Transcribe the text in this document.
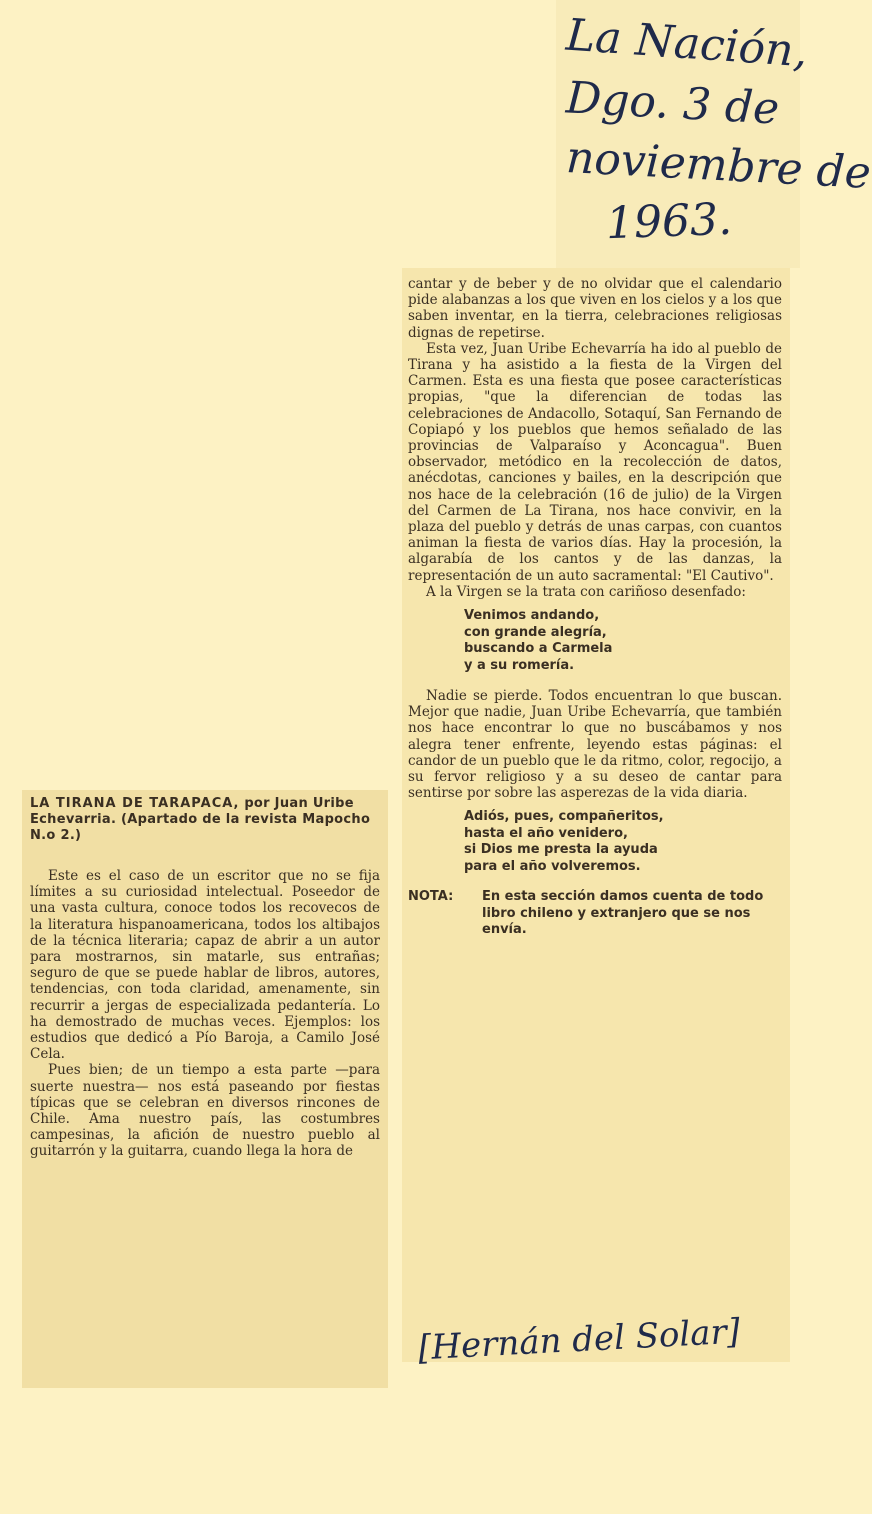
La Nación,
Dgo. 3 de
noviembre de
1963.
LA TIRANA DE TARAPACA, por Juan Uribe Echevarria. (Apartado de la revista Mapocho N.o 2.)

Este es el caso de un escritor que no se fija límites a su curiosidad intelectual. Poseedor de una vasta cultura, conoce todos los recovecos de la literatura hispanoamericana, todos los altibajos de la técnica literaria; capaz de abrir a un autor para mostrarnos, sin matarle, sus entrañas; seguro de que se puede hablar de libros, autores, tendencias, con toda claridad, amenamente, sin recurrir a jergas de especializada pedantería. Lo ha demostrado de muchas veces. Ejemplos: los estudios que dedicó a Pío Baroja, a Camilo José Cela.

Pues bien; de un tiempo a esta parte —para suerte nuestra— nos está paseando por fiestas típicas que se celebran en diversos rincones de Chile. Ama nuestro país, las costumbres campesinas, la afición de nuestro pueblo al guitarrón y la guitarra, cuando llega la hora de

cantar y de beber y de no olvidar que el calendario pide alabanzas a los que viven en los cielos y a los que saben inventar, en la tierra, celebraciones religiosas dignas de repetirse.

Esta vez, Juan Uribe Echevarría ha ido al pueblo de Tirana y ha asistido a la fiesta de la Virgen del Carmen. Esta es una fiesta que posee características propias, "que la diferencian de todas las celebraciones de Andacollo, Sotaquí, San Fernando de Copiapó y los pueblos que hemos señalado de las provincias de Valparaíso y Aconcagua". Buen observador, metódico en la recolección de datos, anécdotas, canciones y bailes, en la descripción que nos hace de la celebración (16 de julio) de la Virgen del Carmen de La Tirana, nos hace convivir, en la plaza del pueblo y detrás de unas carpas, con cuantos animan la fiesta de varios días. Hay la procesión, la algarabía de los cantos y de las danzas, la representación de un auto sacramental: "El Cautivo".

A la Virgen se la trata con cariñoso desenfado:

Venimos andando,
con grande alegría,
buscando a Carmela
y a su romería.

Nadie se pierde. Todos encuentran lo que buscan. Mejor que nadie, Juan Uribe Echevarría, que también nos hace encontrar lo que no buscábamos y nos alegra tener enfrente, leyendo estas páginas: el candor de un pueblo que le da ritmo, color, regocijo, a su fervor religioso y a su deseo de cantar para sentirse por sobre las asperezas de la vida diaria.

Adiós, pues, compañeritos,
hasta el año venidero,
si Dios me presta la ayuda
para el año volveremos.
NOTA:	En esta sección damos cuenta de todo libro chileno y extranjero que se nos envía.
[Hernán del Solar]
